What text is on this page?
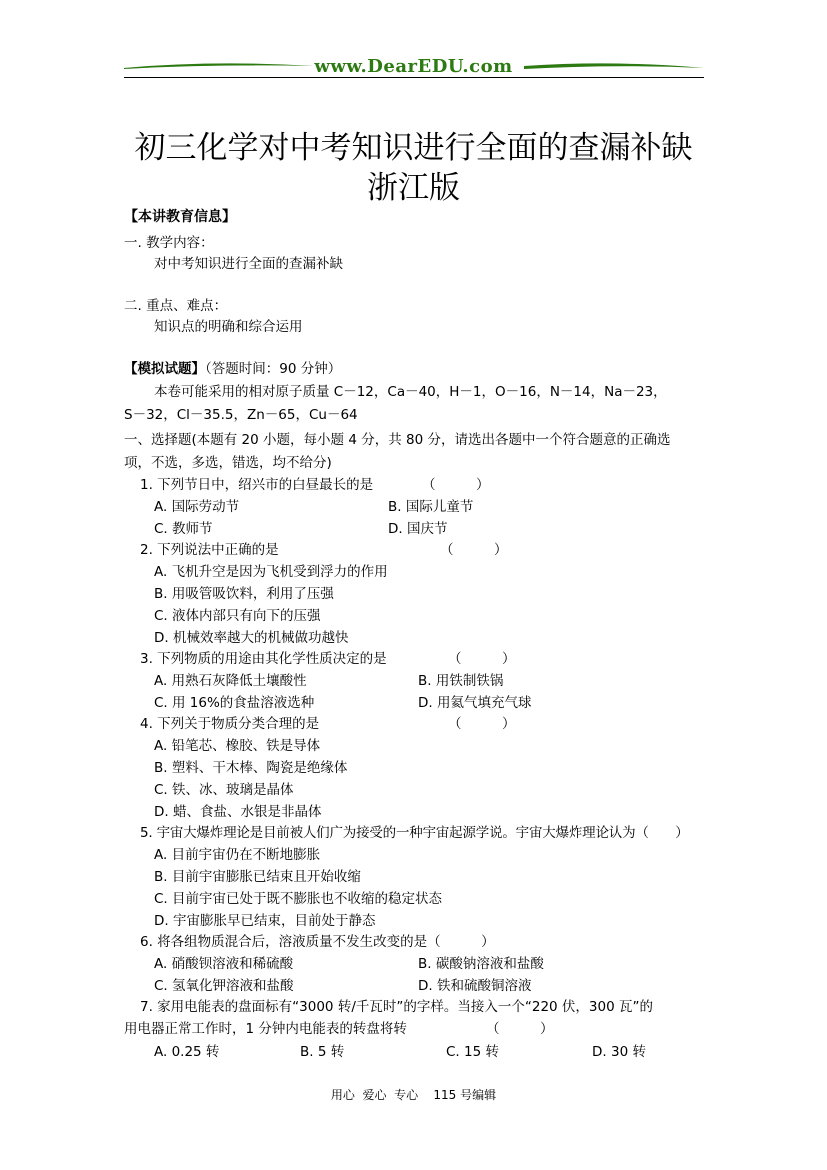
www.DearEDU.com
初三化学对中考知识进行全面的查漏补缺
浙江版
【本讲教育信息】
一. 教学内容：
对中考知识进行全面的查漏补缺
二. 重点、难点：
知识点的明确和综合运用
【模拟试题】（答题时间：90 分钟）
本卷可能采用的相对原子质量 C－12，Ca－40，H－1，O－16，N－14，Na－23，
S－32，Cl－35.5，Zn－65，Cu－64
一、选择题(本题有 20 小题，每小题 4 分，共 80 分，请选出各题中一个符合题意的正确选
项，不选，多选，错选，均不给分)
1. 下列节日中，绍兴市的白昼最长的是	（　　　）
A. 国际劳动节	B. 国际儿童节
C. 教师节	D. 国庆节
2. 下列说法中正确的是	（　　　）
A. 飞机升空是因为飞机受到浮力的作用
B. 用吸管吸饮料，利用了压强
C. 液体内部只有向下的压强
D. 机械效率越大的机械做功越快
3. 下列物质的用途由其化学性质决定的是	（　　　）
A. 用熟石灰降低土壤酸性	B. 用铁制铁锅
C. 用 16%的食盐溶液选种	D. 用氦气填充气球
4. 下列关于物质分类合理的是	（　　　）
A. 铅笔芯、橡胶、铁是导体
B. 塑料、干木棒、陶瓷是绝缘体
C. 铁、冰、玻璃是晶体
D. 蜡、食盐、水银是非晶体
5. 宇宙大爆炸理论是目前被人们广为接受的一种宇宙起源学说。宇宙大爆炸理论认为（　　）
A. 目前宇宙仍在不断地膨胀
B. 目前宇宙膨胀已结束且开始收缩
C. 目前宇宙已处于既不膨胀也不收缩的稳定状态
D. 宇宙膨胀早已结束，目前处于静态
6. 将各组物质混合后，溶液质量不发生改变的是（　　　）
A. 硝酸钡溶液和稀硫酸	B. 碳酸钠溶液和盐酸
C. 氢氧化钾溶液和盐酸	D. 铁和硫酸铜溶液
7. 家用电能表的盘面标有“3000 转/千瓦时”的字样。当接入一个“220 伏，300 瓦”的
用电器正常工作时，1 分钟内电能表的转盘将转	（　　　）
A. 0.25 转	B. 5 转	C. 15 转	D. 30 转
用心  爱心  专心    115 号编辑
